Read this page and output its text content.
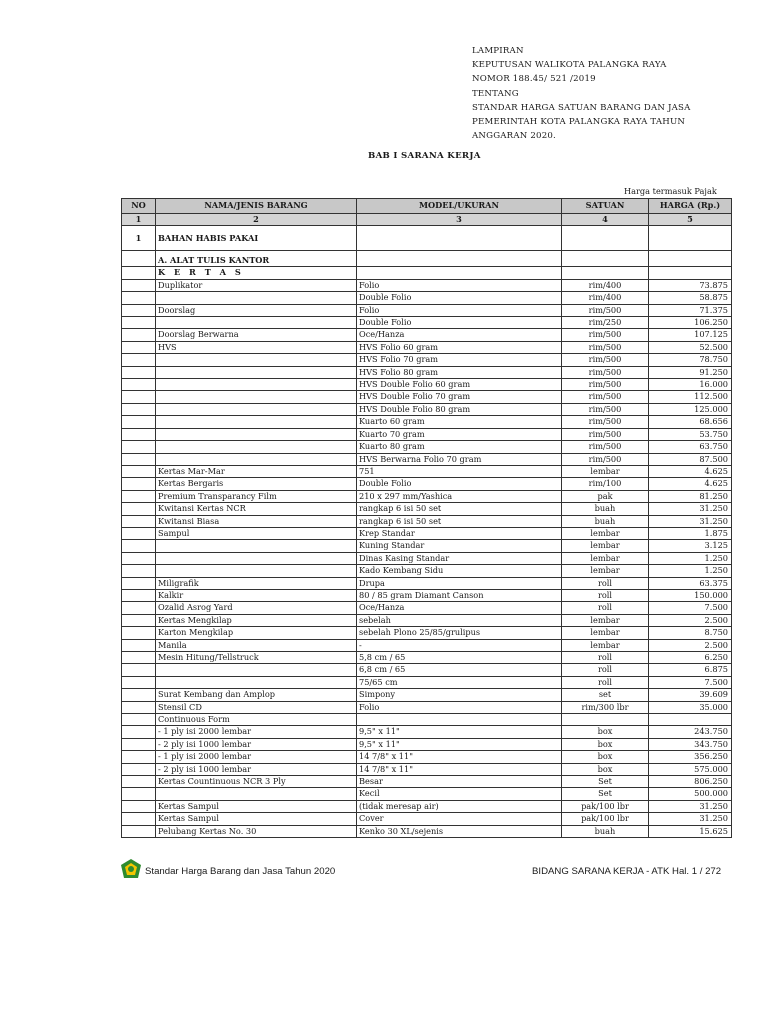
LAMPIRAN
KEPUTUSAN WALIKOTA PALANGKA RAYA
NOMOR 188.45/ 521 /2019
TENTANG
STANDAR HARGA SATUAN BARANG DAN JASA
PEMERINTAH KOTA PALANGKA RAYA TAHUN
ANGGARAN 2020.
BAB I SARANA KERJA
Harga termasuk Pajak
NO	NAMA/JENIS BARANG	MODEL/UKURAN	SATUAN	HARGA (Rp.)
1	2	3	4	5
1	BAHAN HABIS PAKAI			
	A. ALAT TULIS KANTOR			
	K E R T A S			
	Duplikator	Folio	rim/400	73.875
		Double Folio	rim/400	58.875
	Doorslag	Folio	rim/500	71.375
		Double Folio	rim/250	106.250
	Doorslag Berwarna	Oce/Hanza	rim/500	107.125
	HVS	HVS Folio 60 gram	rim/500	52.500
		HVS Folio 70 gram	rim/500	78.750
		HVS Folio 80 gram	rim/500	91.250
		HVS Double Folio 60 gram	rim/500	16.000
		HVS Double Folio 70 gram	rim/500	112.500
		HVS Double Folio 80 gram	rim/500	125.000
		Kuarto 60 gram	rim/500	68.656
		Kuarto 70 gram	rim/500	53.750
		Kuarto 80 gram	rim/500	63.750
		HVS Berwarna Folio 70 gram	rim/500	87.500
	Kertas Mar-Mar	751	lembar	4.625
	Kertas Bergaris	Double Folio	rim/100	4.625
	Premium Transparancy Film	210 x 297 mm/Yashica	pak	81.250
	Kwitansi Kertas NCR	rangkap 6 isi 50 set	buah	31.250
	Kwitansi Biasa	rangkap 6 isi 50 set	buah	31.250
	Sampul	Krep Standar	lembar	1.875
		Kuning Standar	lembar	3.125
		Dinas Kasing Standar	lembar	1.250
		Kado Kembang Sidu	lembar	1.250
	Miligrafik	Drupa	roll	63.375
	Kalkir	80 / 85 gram Diamant Canson	roll	150.000
	Ozalid Asrog Yard	Oce/Hanza	roll	7.500
	Kertas Mengkilap	sebelah	lembar	2.500
	Karton Mengkilap	sebelah Plono 25/85/grulipus	lembar	8.750
	Manila	-	lembar	2.500
	Mesin Hitung/Tellstruck	5,8 cm / 65	roll	6.250
		6,8 cm / 65	roll	6.875
		75/65 cm	roll	7.500
	Surat Kembang dan Amplop	Simpony	set	39.609
	Stensil CD	Folio	rim/300 lbr	35.000
	Continuous Form			
	- 1 ply isi 2000 lembar	9,5" x 11"	box	243.750
	- 2 ply isi 1000 lembar	9,5" x 11"	box	343.750
	- 1 ply isi 2000 lembar	14 7/8" x 11"	box	356.250
	- 2 ply isi 1000 lembar	14 7/8" x 11"	box	575.000
	Kertas Countinuous NCR 3 Ply	Besar	Set	806.250
		Kecil	Set	500.000
	Kertas Sampul	(tidak meresap air)	pak/100 lbr	31.250
	Kertas Sampul	Cover	pak/100 lbr	31.250
	Pelubang Kertas No. 30	Kenko 30 XL/sejenis	buah	15.625
Standar Harga Barang dan Jasa Tahun 2020	BIDANG SARANA KERJA - ATK Hal. 1 / 272
